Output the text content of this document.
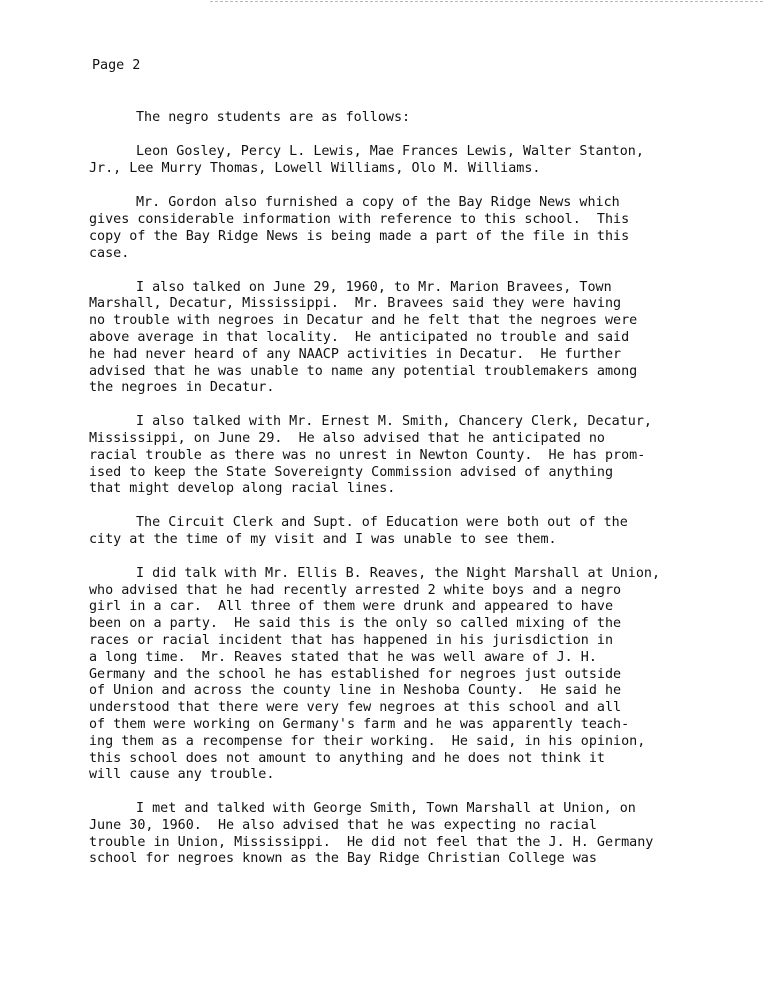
Page 2
The negro students are as follows:
Leon Gosley, Percy L. Lewis, Mae Frances Lewis, Walter Stanton,
Jr., Lee Murry Thomas, Lowell Williams, Olo M. Williams.
Mr. Gordon also furnished a copy of the Bay Ridge News which
gives considerable information with reference to this school.  This
copy of the Bay Ridge News is being made a part of the file in this
case.
I also talked on June 29, 1960, to Mr. Marion Bravees, Town
Marshall, Decatur, Mississippi.  Mr. Bravees said they were having
no trouble with negroes in Decatur and he felt that the negroes were
above average in that locality.  He anticipated no trouble and said
he had never heard of any NAACP activities in Decatur.  He further
advised that he was unable to name any potential troublemakers among
the negroes in Decatur.
I also talked with Mr. Ernest M. Smith, Chancery Clerk, Decatur,
Mississippi, on June 29.  He also advised that he anticipated no
racial trouble as there was no unrest in Newton County.  He has prom-
ised to keep the State Sovereignty Commission advised of anything
that might develop along racial lines.
The Circuit Clerk and Supt. of Education were both out of the
city at the time of my visit and I was unable to see them.
I did talk with Mr. Ellis B. Reaves, the Night Marshall at Union,
who advised that he had recently arrested 2 white boys and a negro
girl in a car.  All three of them were drunk and appeared to have
been on a party.  He said this is the only so called mixing of the
races or racial incident that has happened in his jurisdiction in
a long time.  Mr. Reaves stated that he was well aware of J. H.
Germany and the school he has established for negroes just outside
of Union and across the county line in Neshoba County.  He said he
understood that there were very few negroes at this school and all
of them were working on Germany's farm and he was apparently teach-
ing them as a recompense for their working.  He said, in his opinion,
this school does not amount to anything and he does not think it
will cause any trouble.
I met and talked with George Smith, Town Marshall at Union, on
June 30, 1960.  He also advised that he was expecting no racial
trouble in Union, Mississippi.  He did not feel that the J. H. Germany
school for negroes known as the Bay Ridge Christian College was
